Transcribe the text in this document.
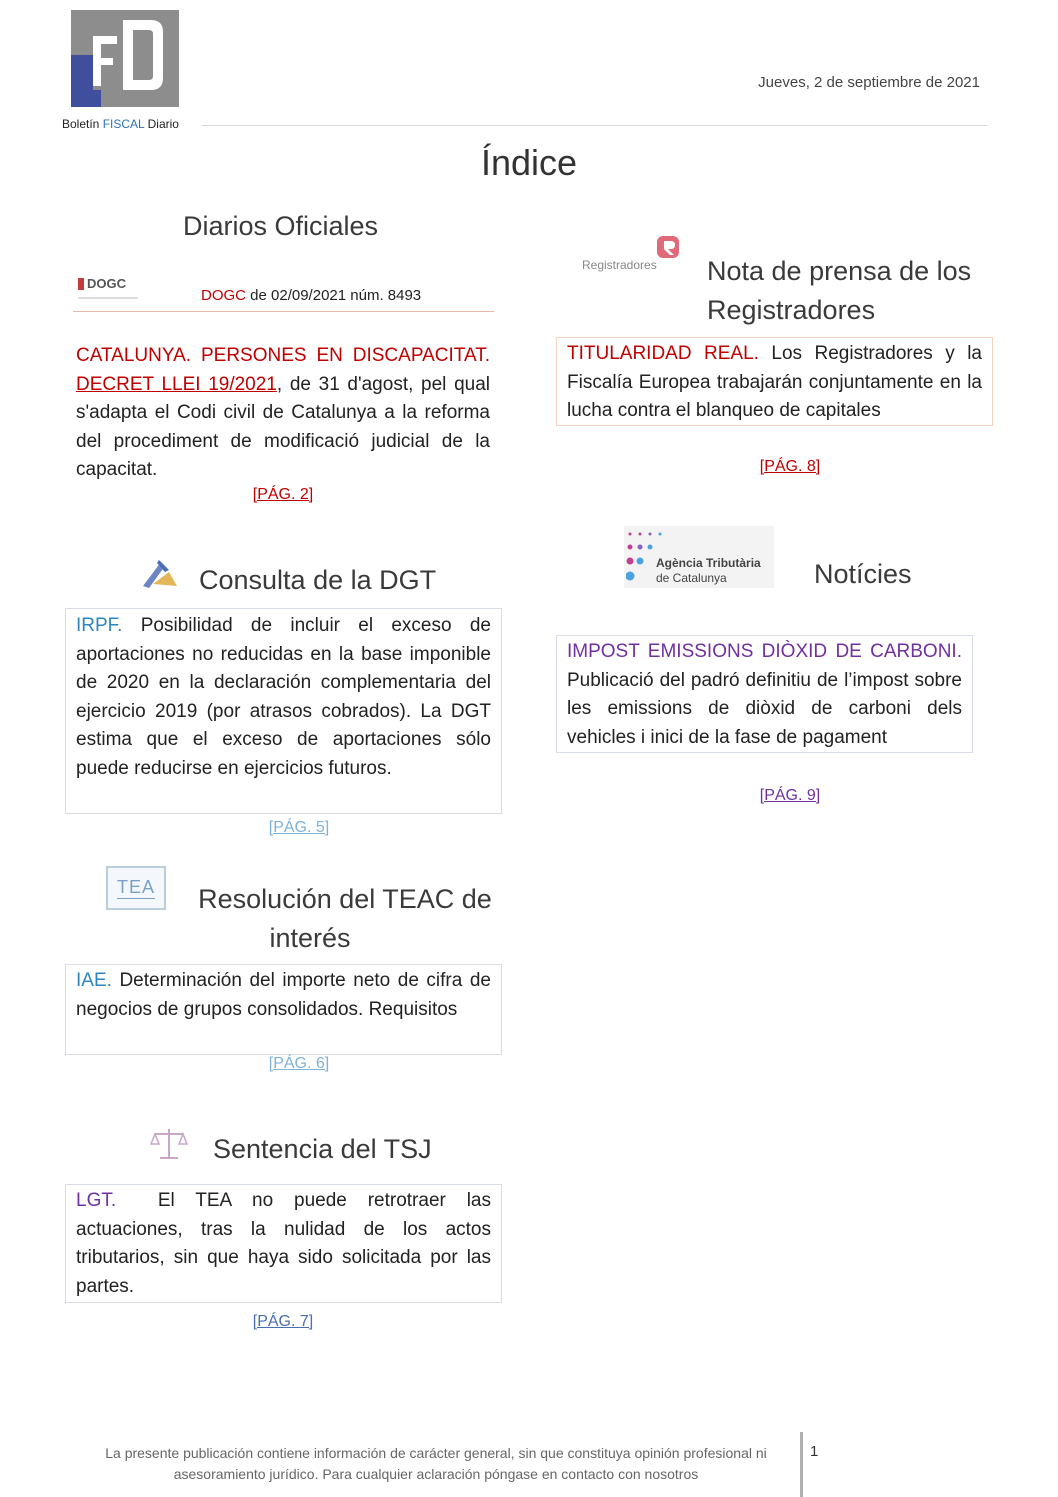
Boletín FISCAL Diario
Jueves, 2 de septiembre de 2021
Índice
Diarios Oficiales
DOGC
DOGC de 02/09/2021 núm. 8493
CATALUNYA. PERSONES EN DISCAPACITAT. DECRET LLEI 19/2021, de 31 d'agost, pel qual s'adapta el Codi civil de Catalunya a la reforma del procediment de modificació judicial de la capacitat.
[PÁG. 2]
Consulta de la DGT
IRPF. Posibilidad de incluir el exceso de aportaciones no reducidas en la base imponible de 2020 en la declaración complementaria del ejercicio 2019 (por atrasos cobrados). La DGT estima que el exceso de aportaciones sólo puede reducirse en ejercicios futuros.
[PÁG. 5]
TEA	Resolución del TEAC de interés
IAE. Determinación del importe neto de cifra de negocios de grupos consolidados. Requisitos
[PÁG. 6]
Sentencia del TSJ
LGT.  El TEA no puede retrotraer las actuaciones, tras la nulidad de los actos tributarios, sin que haya sido solicitada por las partes.
[PÁG. 7]
Registradores Nota de prensa de los Registradores
TITULARIDAD REAL. Los Registradores y la Fiscalía Europea trabajarán conjuntamente en la lucha contra el blanqueo de capitales
[PÁG. 8]
Agència Tributària
de Catalunya	Notícies
IMPOST EMISSIONS DIÒXID DE CARBONI. Publicació del padró definitiu de l’impost sobre les emissions de diòxid de carboni dels vehicles i inici de la fase de pagament
[PÁG. 9]
La presente publicación contiene información de carácter general, sin que constituya opinión profesional ni asesoramiento jurídico. Para cualquier aclaración póngase en contacto con nosotros
1
